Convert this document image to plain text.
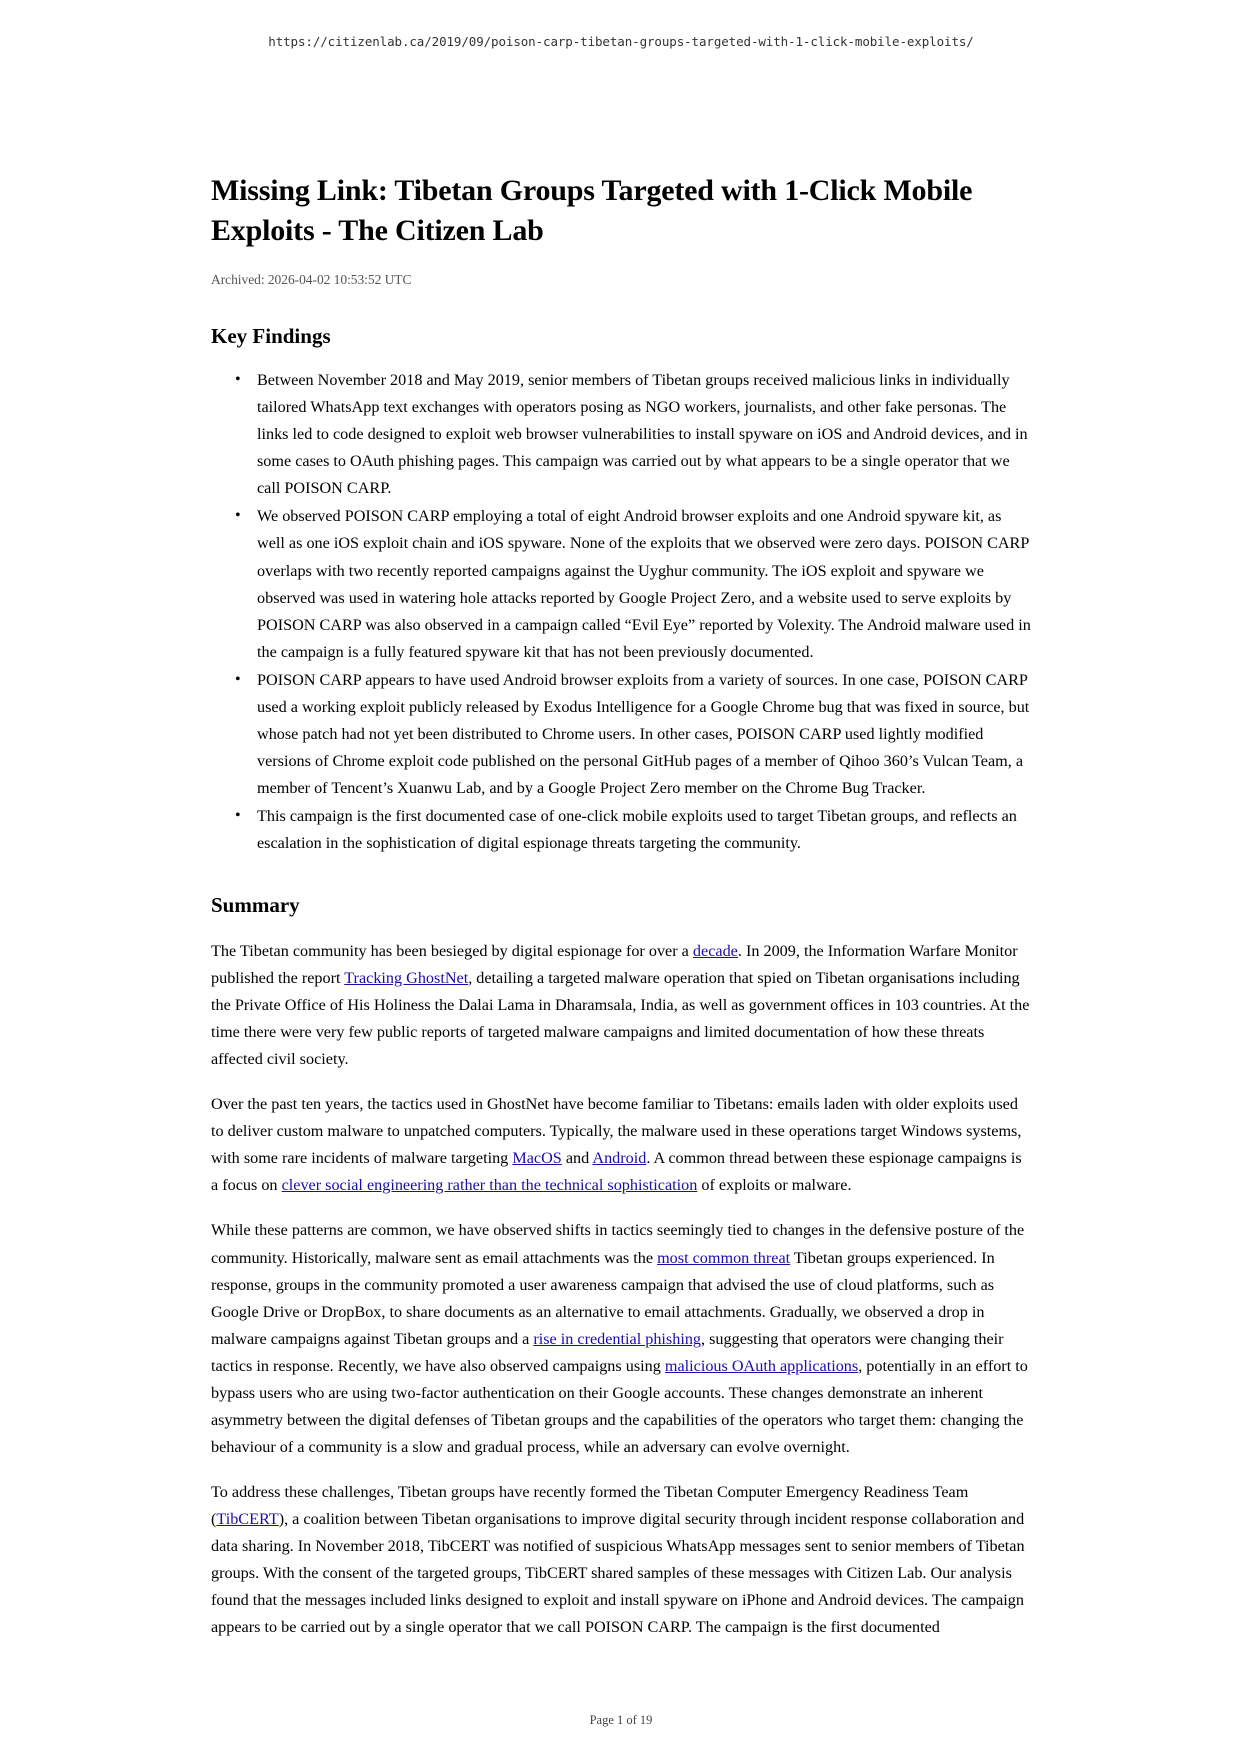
https://citizenlab.ca/2019/09/poison-carp-tibetan-groups-targeted-with-1-click-mobile-exploits/
Missing Link: Tibetan Groups Targeted with 1-Click Mobile Exploits - The Citizen Lab
Archived: 2026-04-02 10:53:52 UTC
Key Findings
• Between November 2018 and May 2019, senior members of Tibetan groups received malicious links in individually tailored WhatsApp text exchanges with operators posing as NGO workers, journalists, and other fake personas. The links led to code designed to exploit web browser vulnerabilities to install spyware on iOS and Android devices, and in some cases to OAuth phishing pages. This campaign was carried out by what appears to be a single operator that we call POISON CARP.
• We observed POISON CARP employing a total of eight Android browser exploits and one Android spyware kit, as well as one iOS exploit chain and iOS spyware. None of the exploits that we observed were zero days. POISON CARP overlaps with two recently reported campaigns against the Uyghur community. The iOS exploit and spyware we observed was used in watering hole attacks reported by Google Project Zero, and a website used to serve exploits by POISON CARP was also observed in a campaign called “Evil Eye” reported by Volexity. The Android malware used in the campaign is a fully featured spyware kit that has not been previously documented.
• POISON CARP appears to have used Android browser exploits from a variety of sources. In one case, POISON CARP used a working exploit publicly released by Exodus Intelligence for a Google Chrome bug that was fixed in source, but whose patch had not yet been distributed to Chrome users. In other cases, POISON CARP used lightly modified versions of Chrome exploit code published on the personal GitHub pages of a member of Qihoo 360’s Vulcan Team, a member of Tencent’s Xuanwu Lab, and by a Google Project Zero member on the Chrome Bug Tracker.
• This campaign is the first documented case of one-click mobile exploits used to target Tibetan groups, and reflects an escalation in the sophistication of digital espionage threats targeting the community.
Summary

The Tibetan community has been besieged by digital espionage for over a decade. In 2009, the Information Warfare Monitor published the report Tracking GhostNet, detailing a targeted malware operation that spied on Tibetan organisations including the Private Office of His Holiness the Dalai Lama in Dharamsala, India, as well as government offices in 103 countries. At the time there were very few public reports of targeted malware campaigns and limited documentation of how these threats affected civil society.

Over the past ten years, the tactics used in GhostNet have become familiar to Tibetans: emails laden with older exploits used to deliver custom malware to unpatched computers. Typically, the malware used in these operations target Windows systems, with some rare incidents of malware targeting MacOS and Android. A common thread between these espionage campaigns is a focus on clever social engineering rather than the technical sophistication of exploits or malware.

While these patterns are common, we have observed shifts in tactics seemingly tied to changes in the defensive posture of the community. Historically, malware sent as email attachments was the most common threat Tibetan groups experienced. In response, groups in the community promoted a user awareness campaign that advised the use of cloud platforms, such as Google Drive or DropBox, to share documents as an alternative to email attachments. Gradually, we observed a drop in malware campaigns against Tibetan groups and a rise in credential phishing, suggesting that operators were changing their tactics in response. Recently, we have also observed campaigns using malicious OAuth applications, potentially in an effort to bypass users who are using two-factor authentication on their Google accounts. These changes demonstrate an inherent asymmetry between the digital defenses of Tibetan groups and the capabilities of the operators who target them: changing the behaviour of a community is a slow and gradual process, while an adversary can evolve overnight.

To address these challenges, Tibetan groups have recently formed the Tibetan Computer Emergency Readiness Team (TibCERT), a coalition between Tibetan organisations to improve digital security through incident response collaboration and data sharing. In November 2018, TibCERT was notified of suspicious WhatsApp messages sent to senior members of Tibetan groups. With the consent of the targeted groups, TibCERT shared samples of these messages with Citizen Lab. Our analysis found that the messages included links designed to exploit and install spyware on iPhone and Android devices. The campaign appears to be carried out by a single operator that we call POISON CARP. The campaign is the first documented

Page 1 of 19
